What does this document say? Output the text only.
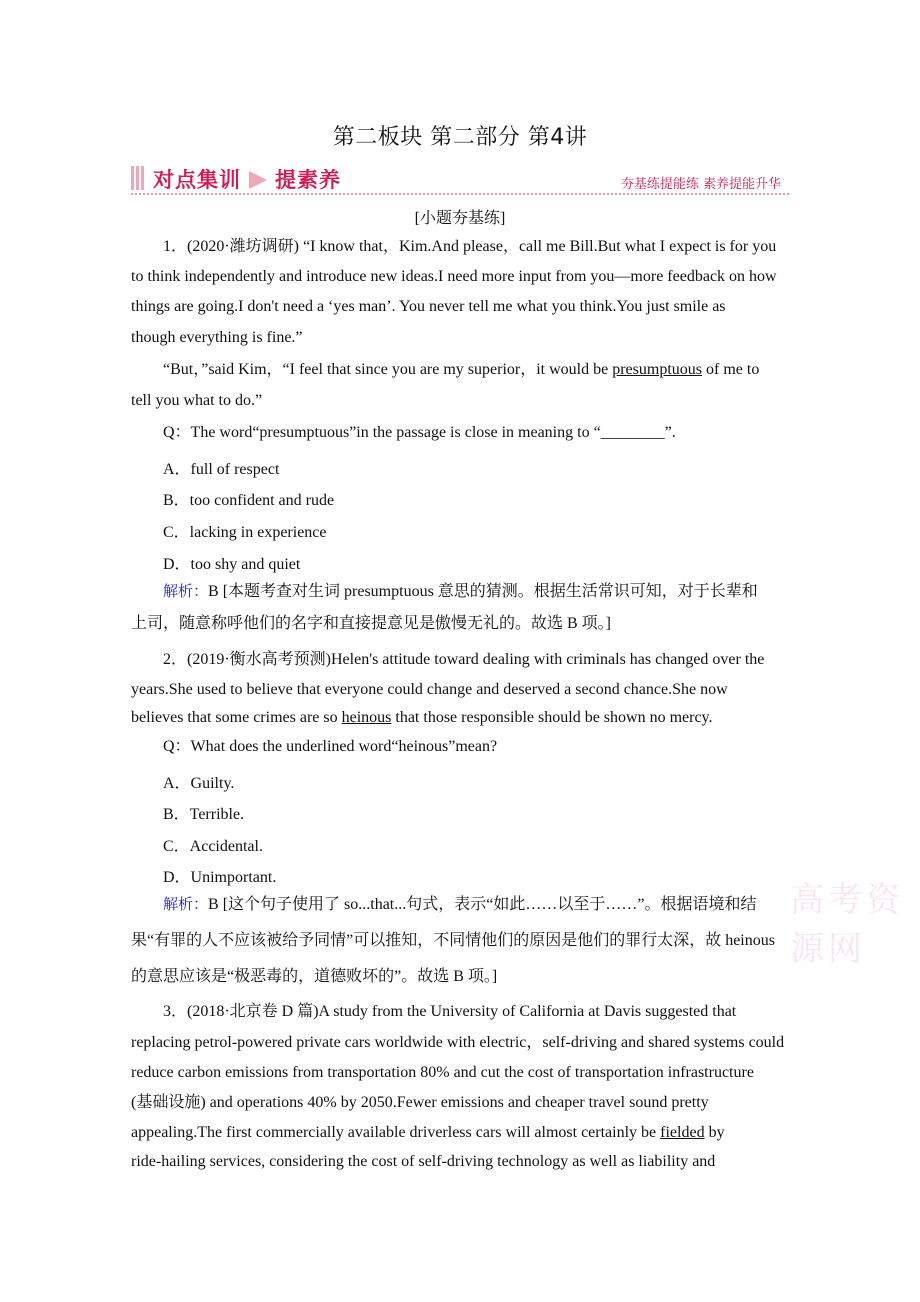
第二板块 第二部分 第4讲
对点集训 提素养	夯基练提能练 素养提能升华
[小题夯基练]
1．(2020·潍坊调研) “I know that，Kim.And please，call me Bill.But what I expect is for you
to think independently and introduce new ideas.I need more input from you—more feedback on how
things are going.I don't need a ‘yes man’. You never tell me what you think.You just smile as
though everything is fine.”
“But，”said Kim，“I feel that since you are my superior，it would be presumptuous of me to
tell you what to do.”
Q：The word“presumptuous”in the passage is close in meaning to “________”.
A．full of respect
B．too confident and rude
C．lacking in experience
D．too shy and quiet
解析：B [本题考查对生词 presumptuous 意思的猜测。根据生活常识可知，对于长辈和
上司，随意称呼他们的名字和直接提意见是傲慢无礼的。故选 B 项。]
2．(2019·衡水高考预测)Helen's attitude toward dealing with criminals has changed over the
years.She used to believe that everyone could change and deserved a second chance.She now
believes that some crimes are so heinous that those responsible should be shown no mercy.
Q：What does the underlined word“heinous”mean?
A．Guilty.
B．Terrible.
C．Accidental.
D．Unimportant.
解析：B [这个句子使用了 so...that...句式，表示“如此……以至于……”。根据语境和结
果“有罪的人不应该被给予同情”可以推知，不同情他们的原因是他们的罪行太深，故 heinous
的意思应该是“极恶毒的，道德败坏的”。故选 B 项。]
3．(2018·北京卷 D 篇)A study from the University of California at Davis suggested that
replacing petrol-powered private cars worldwide with electric，self-driving and shared systems could
reduce carbon emissions from transportation 80% and cut the cost of transportation infrastructure
(基础设施) and operations 40% by 2050.Fewer emissions and cheaper travel sound pretty
appealing.The first commercially available driverless cars will almost certainly be fielded by
ride-hailing services, considering the cost of self-driving technology as well as liability and
高考资源网
